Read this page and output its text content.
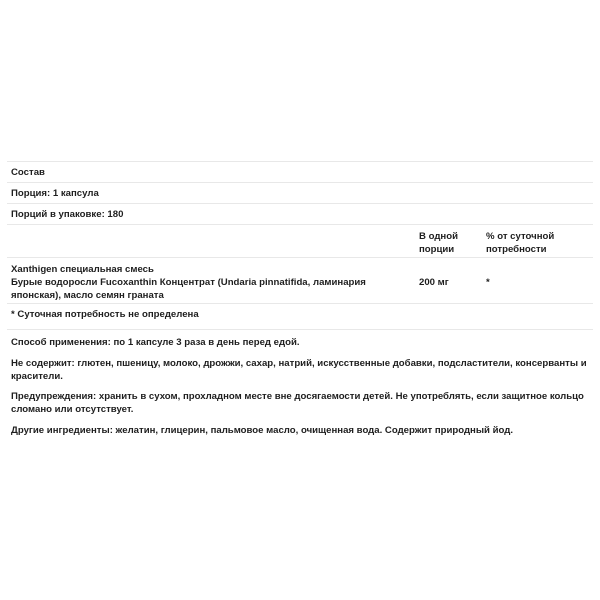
Состав
Порция: 1 капсула
Порций в упаковке: 180
В одной
порции
% от суточной
потребности
Xanthigen специальная смесь
Бурые водоросли Fucoxanthin Концентрат (Undaria pinnatifida, ламинария
японская), масло семян граната
200 мг	*
* Суточная потребность не определена
Способ применения: по 1 капсуле 3 раза в день перед едой.
Не содержит: глютен, пшеницу, молоко, дрожжи, сахар, натрий, искусственные добавки, подсластители, консерванты и
красители.
Предупреждения: хранить в сухом, прохладном месте вне досягаемости детей. Не употреблять, если защитное кольцо
сломано или отсутствует.
Другие ингредиенты: желатин, глицерин, пальмовое масло, очищенная вода. Содержит природный йод.
